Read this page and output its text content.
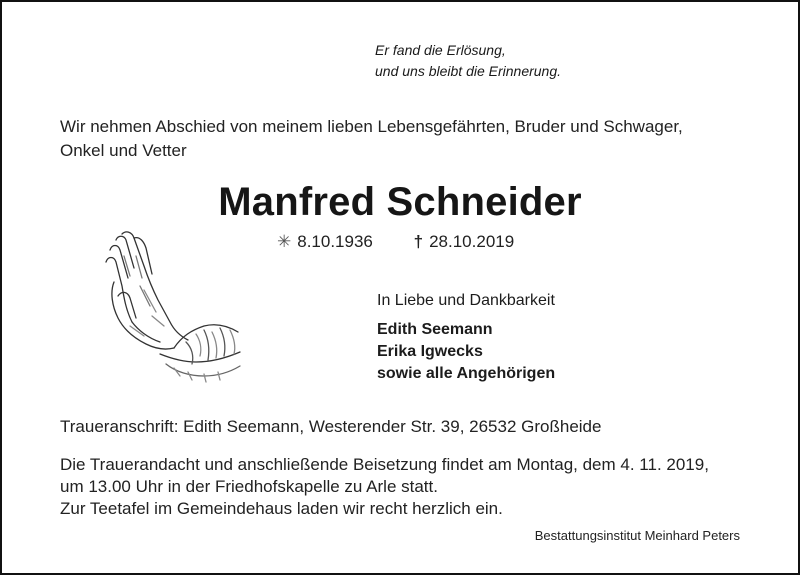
Er fand die Erlösung,
und uns bleibt die Erinnerung.
Wir nehmen Abschied von meinem lieben Lebensgefährten, Bruder und Schwager,
Onkel und Vetter
Manfred Schneider
✳ 8.10.1936 † 28.10.2019
In Liebe und Dankbarkeit
Edith Seemann
Erika Igwecks
sowie alle Angehörigen
Traueranschrift: Edith Seemann, Westerender Str. 39, 26532 Großheide
Die Trauerandacht und anschließende Beisetzung findet am Montag, dem 4. 11. 2019,
um 13.00 Uhr in der Friedhofskapelle zu Arle statt.
Zur Teetafel im Gemeindehaus laden wir recht herzlich ein.
Bestattungsinstitut Meinhard Peters
